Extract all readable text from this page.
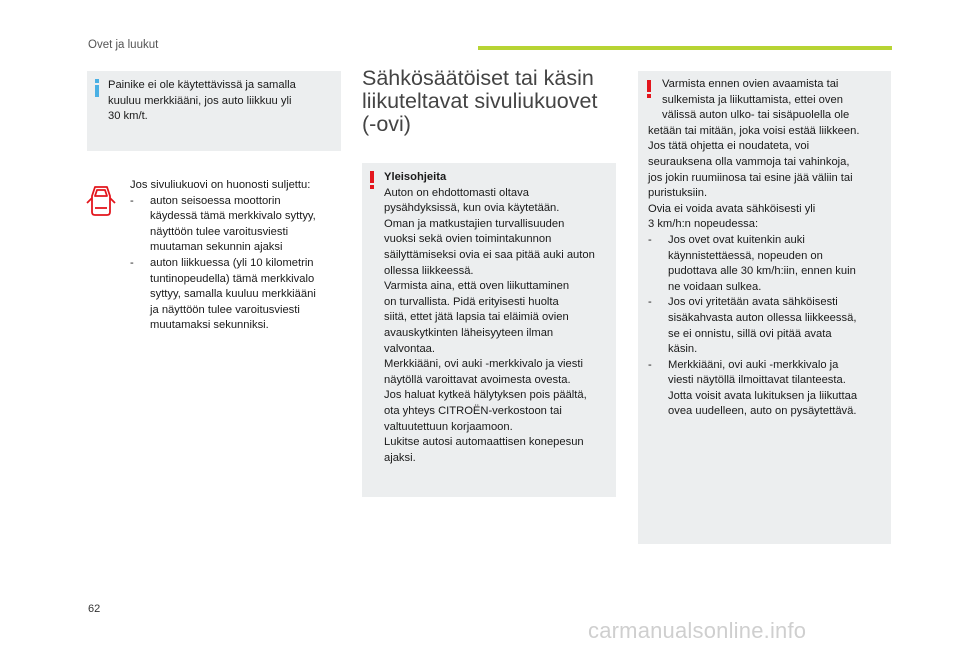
Ovet ja luukut
Painike ei ole käytettävissä ja samalla
kuuluu merkkiääni, jos auto liikkuu yli
30 km/t.
Jos sivuliukuovi on huonosti suljettu:
- auton seisoessa moottorin
käydessä tämä merkkivalo syttyy,
näyttöön tulee varoitusviesti
muutaman sekunnin ajaksi
- auton liikkuessa (yli 10 kilometrin
tuntinopeudella) tämä merkkivalo
syttyy, samalla kuuluu merkkiääni
ja näyttöön tulee varoitusviesti
muutamaksi sekunniksi.
Sähkösäätöiset tai käsin
liikuteltavat sivuliukuovet
(-ovi)
Yleisohjeita
Auton on ehdottomasti oltava
pysähdyksissä, kun ovia käytetään.
Oman ja matkustajien turvallisuuden
vuoksi sekä ovien toimintakunnon
säilyttämiseksi ovia ei saa pitää auki auton
ollessa liikkeessä.
Varmista aina, että oven liikuttaminen
on turvallista. Pidä erityisesti huolta
siitä, ettet jätä lapsia tai eläimiä ovien
avauskytkinten läheisyyteen ilman
valvontaa.
Merkkiääni, ovi auki -merkkivalo ja viesti
näytöllä varoittavat avoimesta ovesta.
Jos haluat kytkeä hälytyksen pois päältä,
ota yhteys CITROËN-verkostoon tai
valtuutettuun korjaamoon.
Lukitse autosi automaattisen konepesun
ajaksi.
Varmista ennen ovien avaamista tai
sulkemista ja liikuttamista, ettei oven
välissä auton ulko- tai sisäpuolella ole
ketään tai mitään, joka voisi estää liikkeen.
Jos tätä ohjetta ei noudateta, voi
seurauksena olla vammoja tai vahinkoja,
jos jokin ruumiinosa tai esine jää väliin tai
puristuksiin.
Ovia ei voida avata sähköisesti yli
3 km/h:n nopeudessa:
- Jos ovet ovat kuitenkin auki
käynnistettäessä, nopeuden on
pudottava alle 30 km/h:iin, ennen kuin
ne voidaan sulkea.
- Jos ovi yritetään avata sähköisesti
sisäkahvasta auton ollessa liikkeessä,
se ei onnistu, sillä ovi pitää avata
käsin.
- Merkkiääni, ovi auki -merkkivalo ja
viesti näytöllä ilmoittavat tilanteesta.
Jotta voisit avata lukituksen ja liikuttaa
ovea uudelleen, auto on pysäytettävä.
62
carmanualsonline.info
